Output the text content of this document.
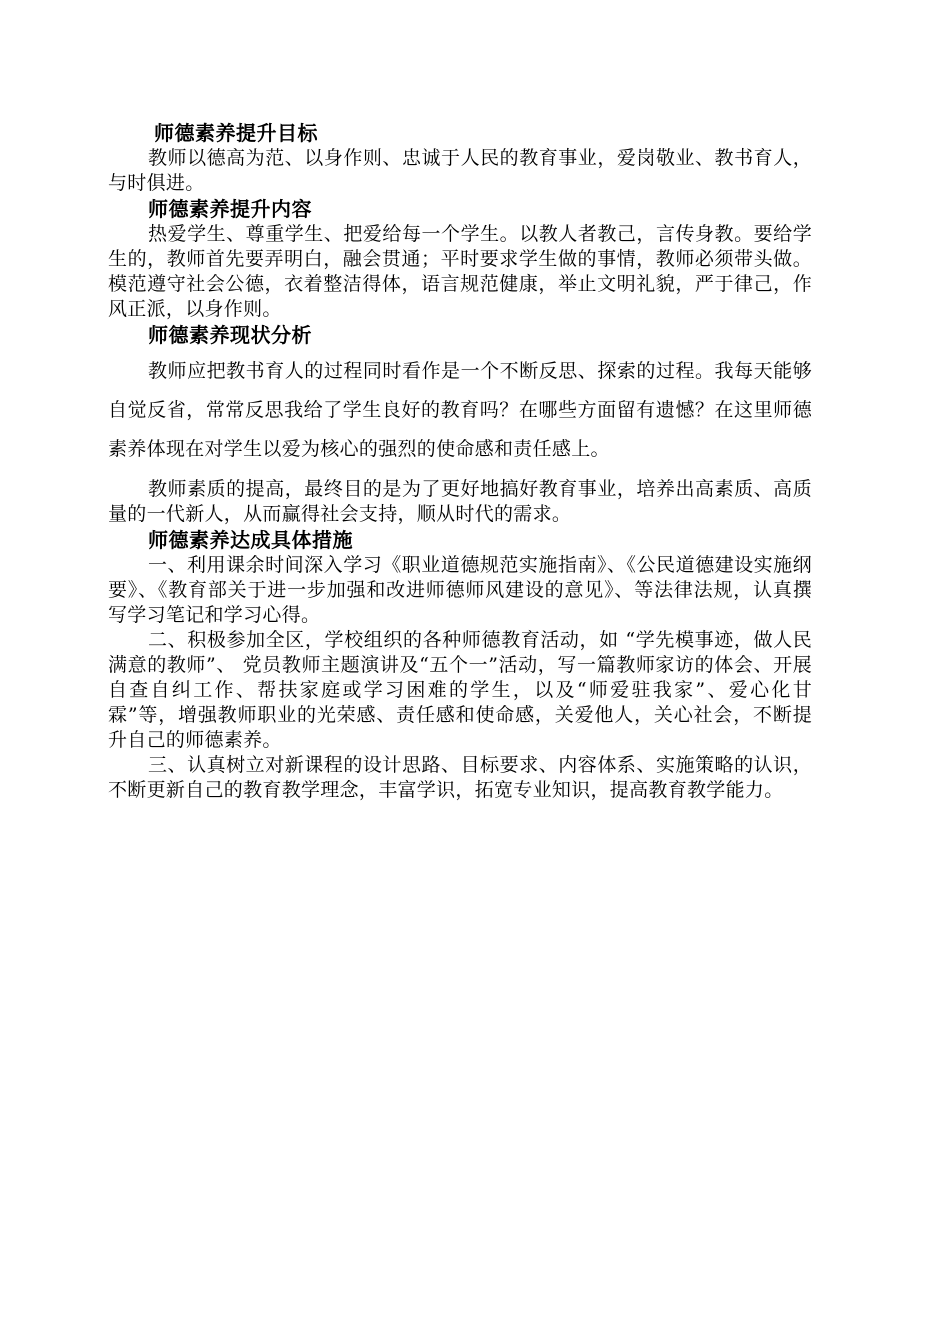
师德素养提升目标

教师以德高为范、以身作则、忠诚于人民的教育事业，爱岗敬业、教书育人，与时俱进。

师德素养提升内容

热爱学生、尊重学生、把爱给每一个学生。以教人者教己，言传身教。要给学生的，教师首先要弄明白，融会贯通；平时要求学生做的事情，教师必须带头做。模范遵守社会公德，衣着整洁得体，语言规范健康，举止文明礼貌，严于律己，作风正派，以身作则。

师德素养现状分析

教师应把教书育人的过程同时看作是一个不断反思、探索的过程。我每天能够自觉反省，常常反思我给了学生良好的教育吗？在哪些方面留有遗憾？在这里师德素养体现在对学生以爱为核心的强烈的使命感和责任感上。

教师素质的提高，最终目的是为了更好地搞好教育事业，培养出高素质、高质量的一代新人，从而赢得社会支持，顺从时代的需求。

师德素养达成具体措施

一、利用课余时间深入学习《职业道德规范实施指南》、《公民道德建设实施纲要》、《教育部关于进一步加强和改进师德师风建设的意见》、等法律法规，认真撰写学习笔记和学习心得。

二、积极参加全区，学校组织的各种师德教育活动，如 “学先模事迹，做人民满意的教师”、 党员教师主题演讲及“五个一”活动，写一篇教师家访的体会、开展自查自纠工作、帮扶家庭或学习困难的学生，以及“师爱驻我家”、爱心化甘霖”等，增强教师职业的光荣感、责任感和使命感，关爱他人，关心社会，不断提升自己的师德素养。

三、认真树立对新课程的设计思路、目标要求、内容体系、实施策略的认识，不断更新自己的教育教学理念，丰富学识，拓宽专业知识，提高教育教学能力。
